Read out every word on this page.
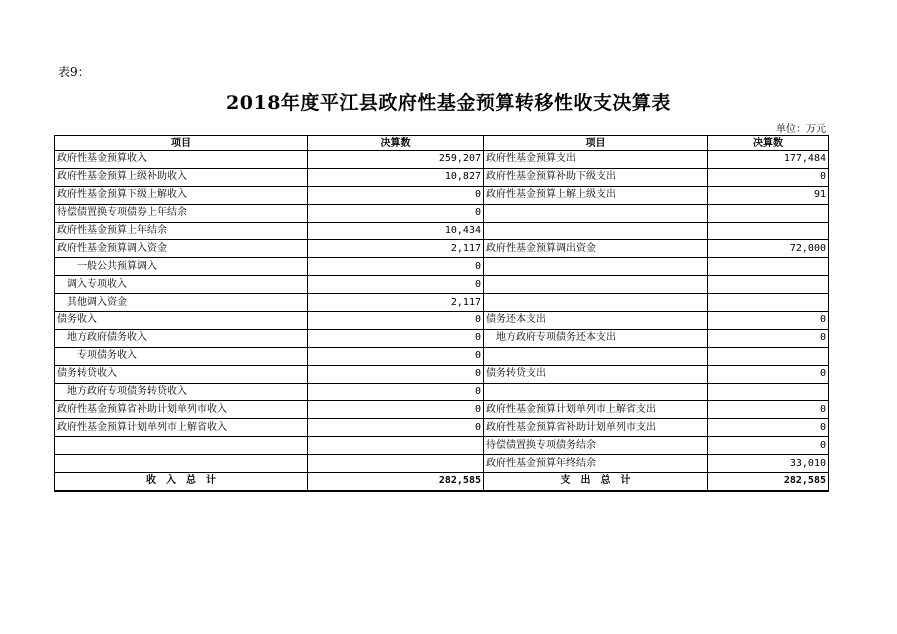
表9：
2018年度平江县政府性基金预算转移性收支决算表
单位：万元
项目	决算数	项目	决算数
政府性基金预算收入	259,207	政府性基金预算支出	177,484
政府性基金预算上级补助收入	10,827	政府性基金预算补助下级支出	0
政府性基金预算下级上解收入	0	政府性基金预算上解上级支出	91
待偿债置换专项债券上年结余	0		
政府性基金预算上年结余	10,434		
政府性基金预算调入资金	2,117	政府性基金预算调出资金	72,000
一般公共预算调入	0		
调入专项收入	0		
其他调入资金	2,117		
债务收入	0	债务还本支出	0
地方政府债务收入	0	地方政府专项债务还本支出	0
专项债务收入	0		
债务转贷收入	0	债务转贷支出	0
地方政府专项债务转贷收入	0		
政府性基金预算省补助计划单列市收入	0	政府性基金预算计划单列市上解省支出	0
政府性基金预算计划单列市上解省收入	0	政府性基金预算省补助计划单列市支出	0
		待偿债置换专项债务结余	0
		政府性基金预算年终结余	33,010
收　入　总　计	282,585	支　出　总　计	282,585
